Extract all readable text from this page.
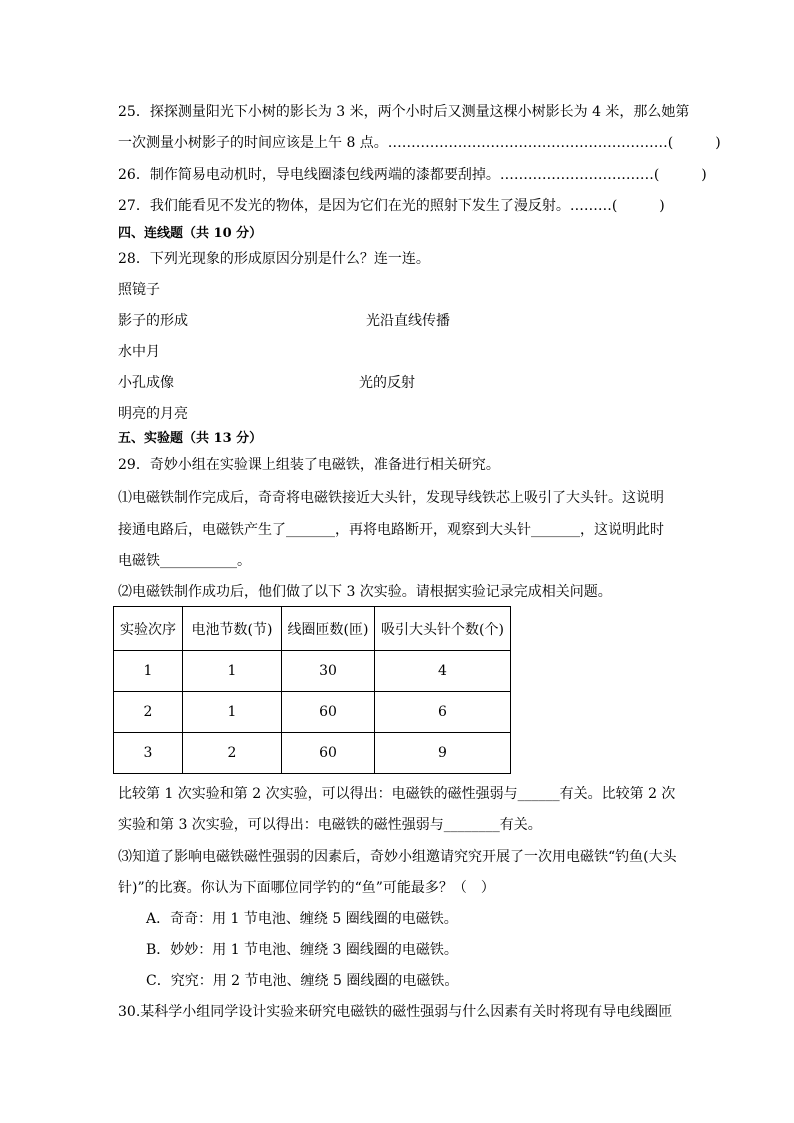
25．探探测量阳光下小树的影长为 3 米，两个小时后又测量这棵小树影长为 4 米，那么她第
一次测量小树影子的时间应该是上午 8 点。……………………………………………………(　　　)
26．制作简易电动机时，导电线圈漆包线两端的漆都要刮掉。……………………………(　　　)
27．我们能看见不发光的物体，是因为它们在光的照射下发生了漫反射。………(　　　)
四、连线题（共 10 分）
28．下列光现象的形成原因分别是什么？连一连。
照镜子
影子的形成
水中月
小孔成像
明亮的月亮
光沿直线传播
光的反射
五、实验题（共 13 分）
29．奇妙小组在实验课上组装了电磁铁，准备进行相关研究。
⑴电磁铁制作完成后，奇奇将电磁铁接近大头针，发现导线铁芯上吸引了大头针。这说明
接通电路后，电磁铁产生了_______，再将电路断开，观察到大头针_______，这说明此时
电磁铁___________。
⑵电磁铁制作成功后，他们做了以下 3 次实验。请根据实验记录完成相关问题。
实验次序	电池节数(节)	线圈匝数(匝)	吸引大头针个数(个)
1	1	30	4
2	1	60	6
3	2	60	9
比较第 1 次实验和第 2 次实验，可以得出：电磁铁的磁性强弱与______有关。比较第 2 次
实验和第 3 次实验，可以得出：电磁铁的磁性强弱与________有关。
⑶知道了影响电磁铁磁性强弱的因素后，奇妙小组邀请究究开展了一次用电磁铁“钓鱼(大头
针)”的比赛。你认为下面哪位同学钓的“鱼”可能最多？（　）
A．奇奇：用 1 节电池、缠绕 5 圈线圈的电磁铁。
B．妙妙：用 1 节电池、缠绕 3 圈线圈的电磁铁。
C．究究：用 2 节电池、缠绕 5 圈线圈的电磁铁。
30.某科学小组同学设计实验来研究电磁铁的磁性强弱与什么因素有关时将现有导电线圈匝
